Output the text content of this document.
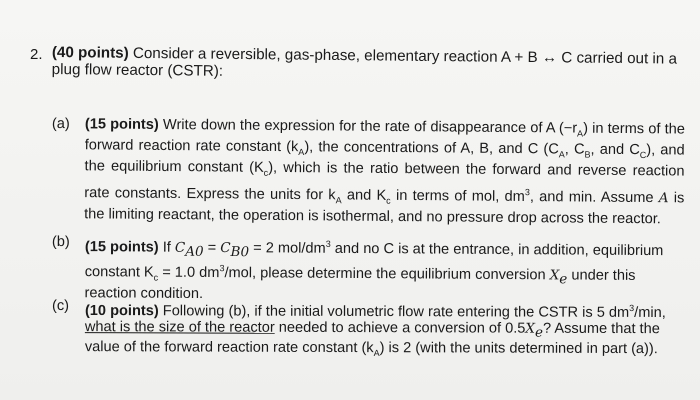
2. (40 points) Consider a reversible, gas-phase, elementary reaction A + B ↔ C carried out in a plug flow reactor (CSTR):
(a)	(15 points) Write down the expression for the rate of disappearance of A $(-r_A)$ in terms of the forward reaction rate constant $(k_A)$, the concentrations of A, B, and C ($C_A$, $C_B$, and $C_C$), and the equilibrium constant $(K_c)$, which is the ratio between the forward and reverse reaction rate constants. Express the units for $k_A$ and $K_c$ in terms of mol, $dm^3$, and min. Assume A is the limiting reactant, the operation is isothermal, and no pressure drop across the reactor.
(b)	(15 points) If $C_{A0} = C_{B0} = 2$ mol/$dm^3$ and no C is at the entrance, in addition, equilibrium constant $K_c = 1.0$ $dm^3$/mol, please determine the equilibrium conversion $X_e$ under this reaction condition.
(c)	(10 points) Following (b), if the initial volumetric flow rate entering the CSTR is 5 $dm^3/\min$, what is the size of the reactor needed to achieve a conversion of $0.5X_e$? Assume that the value of the forward reaction rate constant $(k_A)$ is 2 (with the units determined in part (a)).
